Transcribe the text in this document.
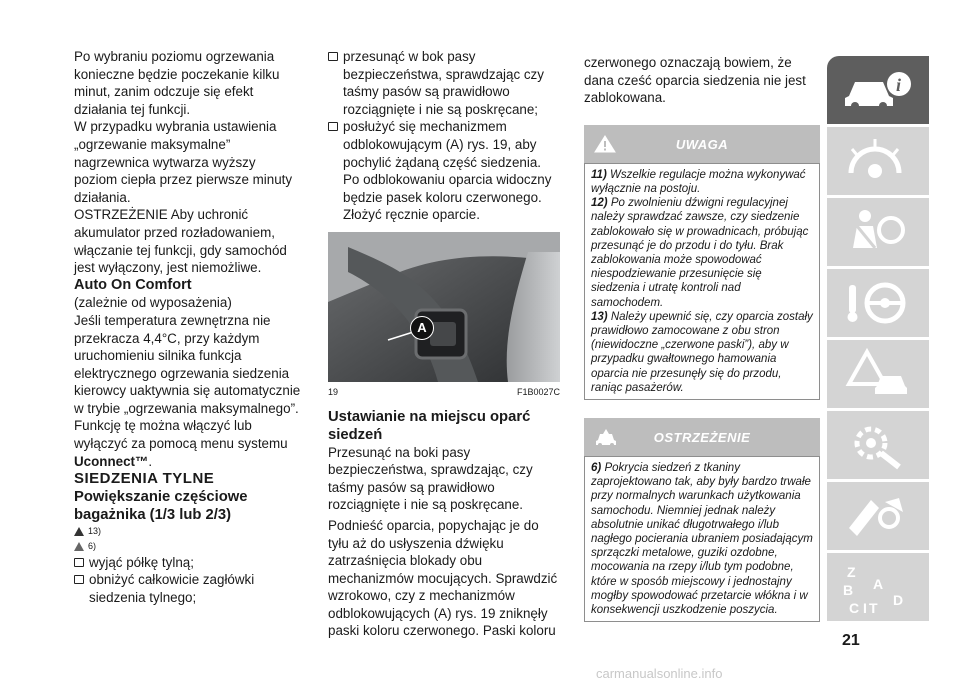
Po wybraniu poziomu ogrzewania konieczne będzie poczekanie kilku minut, zanim odczuje się efekt działania tej funkcji.

W przypadku wybrania ustawienia „ogrzewanie maksymalne” nagrzewnica wytwarza wyższy poziom ciepła przez pierwsze minuty działania.

OSTRZEŻENIE Aby uchronić akumulator przed rozładowaniem, włączanie tej funkcji, gdy samochód jest wyłączony, jest niemożliwe.

Auto On Comfort

(zależnie od wyposażenia)

Jeśli temperatura zewnętrzna nie przekracza 4,4°C, przy każdym uruchomieniu silnika funkcja elektrycznego ogrzewania siedzenia kierowcy uaktywnia się automatycznie w trybie „ogrzewania maksymalnego”. Funkcję tę można włączyć lub wyłączyć za pomocą menu systemu Uconnect™.

SIEDZENIA TYLNE

Powiększanie częściowe bagażnika (1/3 lub 2/3)

13)
6)
wyjąć półkę tylną;
obniżyć całkowicie zagłówki siedzenia tylnego;
przesunąć w bok pasy bezpieczeństwa, sprawdzając czy taśmy pasów są prawidłowo rozciągnięte i nie są poskręcane;
posłużyć się mechanizmem odblokowującym (A) rys. 19, aby pochylić żądaną część siedzenia. Po odblokowaniu oparcia widoczny będzie pasek koloru czerwonego. Złożyć ręcznie oparcie.
A
19	F1B0027C

Ustawianie na miejscu oparć siedzeń

Przesunąć na boki pasy bezpieczeństwa, sprawdzając, czy taśmy pasów są prawidłowo rozciągnięte i nie są poskręcane.

Podnieść oparcia, popychając je do tyłu aż do usłyszenia dźwięku zatrzaśnięcia blokady obu mechanizmów mocujących. Sprawdzić wzrokowo, czy z mechanizmów odblokowujących (A) rys. 19 zniknęły paski koloru czerwonego. Paski koloru

czerwonego oznaczają bowiem, że dana cześć oparcia siedzenia nie jest zablokowana.

UWAGA

11) Wszelkie regulacje można wykonywać wyłącznie na postoju.

12) Po zwolnieniu dźwigni regulacyjnej należy sprawdzać zawsze, czy siedzenie zablokowało się w prowadnicach, próbując przesunąć je do przodu i do tyłu. Brak zablokowania może spowodować niespodziewanie przesunięcie się siedzenia i utratę kontroli nad samochodem.

13) Należy upewnić się, czy oparcia zostały prawidłowo zamocowane z obu stron (niewidoczne „czerwone paski”), aby w przypadku gwałtownego hamowania oparcia nie przesunęły się do przodu, raniąc pasażerów.

OSTRZEŻENIE

6) Pokrycia siedzeń z tkaniny zaprojektowano tak, aby były bardzo trwałe przy normalnych warunkach użytkowania samochodu. Niemniej jednak należy absolutnie unikać długotrwałego i/lub nagłego pocierania ubraniem posiadającym sprzączki metalowe, guziki ozdobne, mocowania na rzepy i/lub tym podobne, które w sposób miejscowy i jednostajny mogłby spowodować przetarcie włókna i w konsekwencji uszkodzenie poszycia.

i
Z
B
C
A
T D
I
21
carmanualsonline.info
